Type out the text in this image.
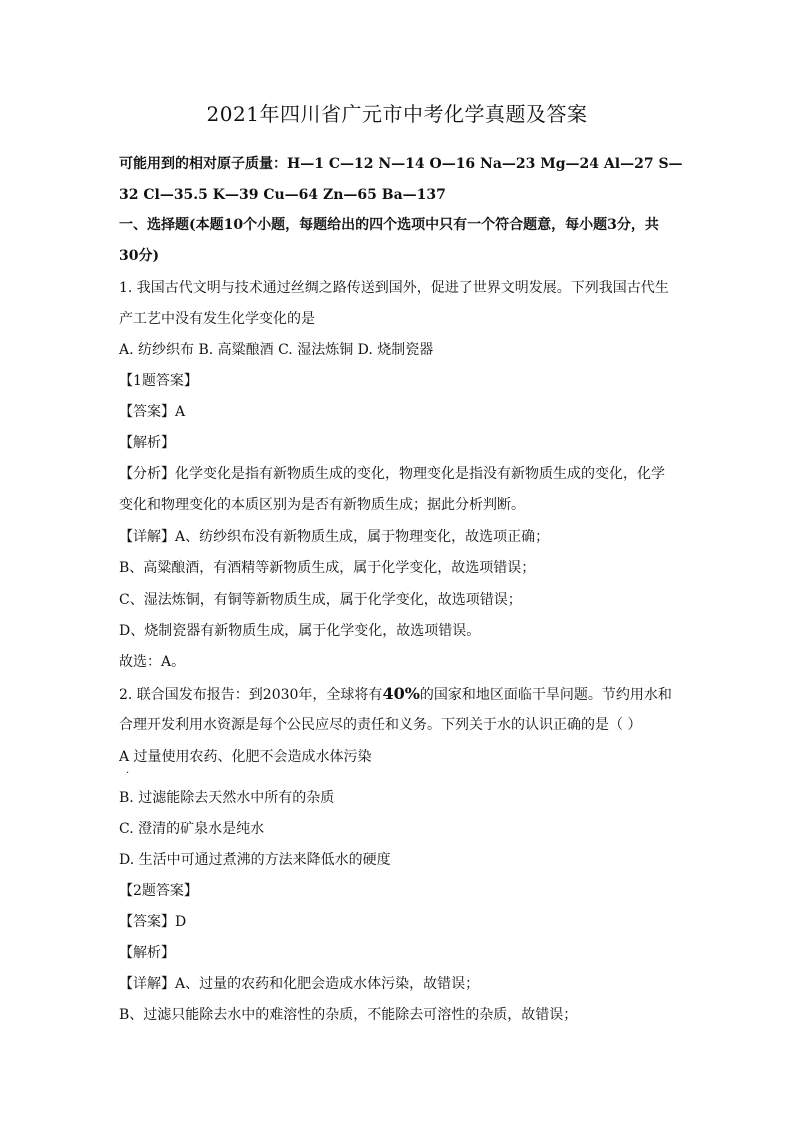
2021年四川省广元市中考化学真题及答案
可能用到的相对原子质量：H—1 C—12 N—14 O—16 Na—23 Mg—24 Al—27 S—
32 Cl—35.5 K—39 Cu—64 Zn—65 Ba—137
一、选择题(本题10个小题，每题给出的四个选项中只有一个符合题意，每小题3分，共
30分)
1. 我国古代文明与技术通过丝绸之路传送到国外，促进了世界文明发展。下列我国古代生
产工艺中没有发生化学变化的是
A. 纺纱织布 B. 高粱酿酒 C. 湿法炼铜 D. 烧制瓷器
【1题答案】
【答案】A
【解析】
【分析】化学变化是指有新物质生成的变化，物理变化是指没有新物质生成的变化，化学
变化和物理变化的本质区别为是否有新物质生成；据此分析判断。
【详解】A、纺纱织布没有新物质生成，属于物理变化，故选项正确；
B、高粱酿酒，有酒精等新物质生成，属于化学变化，故选项错误；
C、湿法炼铜，有铜等新物质生成，属于化学变化，故选项错误；
D、烧制瓷器有新物质生成，属于化学变化，故选项错误。
故选：A。
2. 联合国发布报告：到2030年，全球将有40%的国家和地区面临干旱问题。节约用水和
合理开发利用水资源是每个公民应尽的责任和义务。下列关于水的认识正确的是（ ）
A 过量使用农药、化肥不会造成水体污染
.
B. 过滤能除去天然水中所有的杂质
C. 澄清的矿泉水是纯水
D. 生活中可通过煮沸的方法来降低水的硬度
【2题答案】
【答案】D
【解析】
【详解】A、过量的农药和化肥会造成水体污染，故错误；
B、过滤只能除去水中的难溶性的杂质，不能除去可溶性的杂质，故错误；
